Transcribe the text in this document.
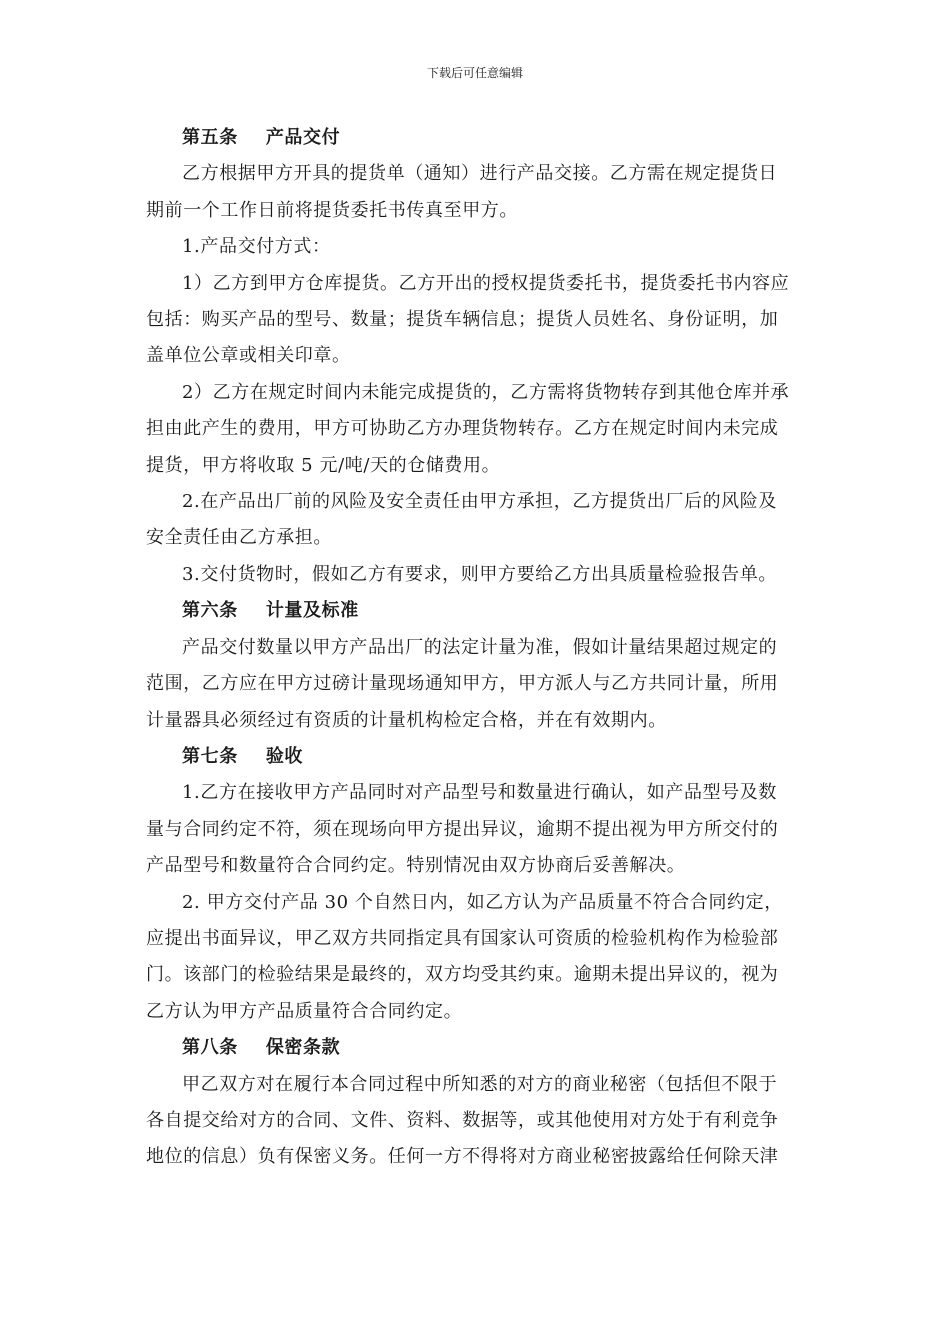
下载后可任意编辑

第五条 产品交付

乙方根据甲方开具的提货单（通知）进行产品交接。乙方需在规定提货日

期前一个工作日前将提货委托书传真至甲方。

1.产品交付方式：

1）乙方到甲方仓库提货。乙方开出的授权提货委托书，提货委托书内容应

包括：购买产品的型号、数量；提货车辆信息；提货人员姓名、身份证明，加

盖单位公章或相关印章。

2）乙方在规定时间内未能完成提货的，乙方需将货物转存到其他仓库并承

担由此产生的费用，甲方可协助乙方办理货物转存。乙方在规定时间内未完成

提货，甲方将收取 5 元/吨/天的仓储费用。

2.在产品出厂前的风险及安全责任由甲方承担，乙方提货出厂后的风险及

安全责任由乙方承担。

3.交付货物时，假如乙方有要求，则甲方要给乙方出具质量检验报告单。

第六条 计量及标准

产品交付数量以甲方产品出厂的法定计量为准，假如计量结果超过规定的

范围，乙方应在甲方过磅计量现场通知甲方，甲方派人与乙方共同计量，所用

计量器具必须经过有资质的计量机构检定合格，并在有效期内。

第七条 验收

1.乙方在接收甲方产品同时对产品型号和数量进行确认，如产品型号及数

量与合同约定不符，须在现场向甲方提出异议，逾期不提出视为甲方所交付的

产品型号和数量符合合同约定。特别情况由双方协商后妥善解决。

2. 甲方交付产品 30 个自然日内，如乙方认为产品质量不符合合同约定，

应提出书面异议，甲乙双方共同指定具有国家认可资质的检验机构作为检验部

门。该部门的检验结果是最终的，双方均受其约束。逾期未提出异议的，视为

乙方认为甲方产品质量符合合同约定。

第八条 保密条款

甲乙双方对在履行本合同过程中所知悉的对方的商业秘密（包括但不限于

各自提交给对方的合同、文件、资料、数据等，或其他使用对方处于有利竞争

地位的信息）负有保密义务。任何一方不得将对方商业秘密披露给任何除天津
